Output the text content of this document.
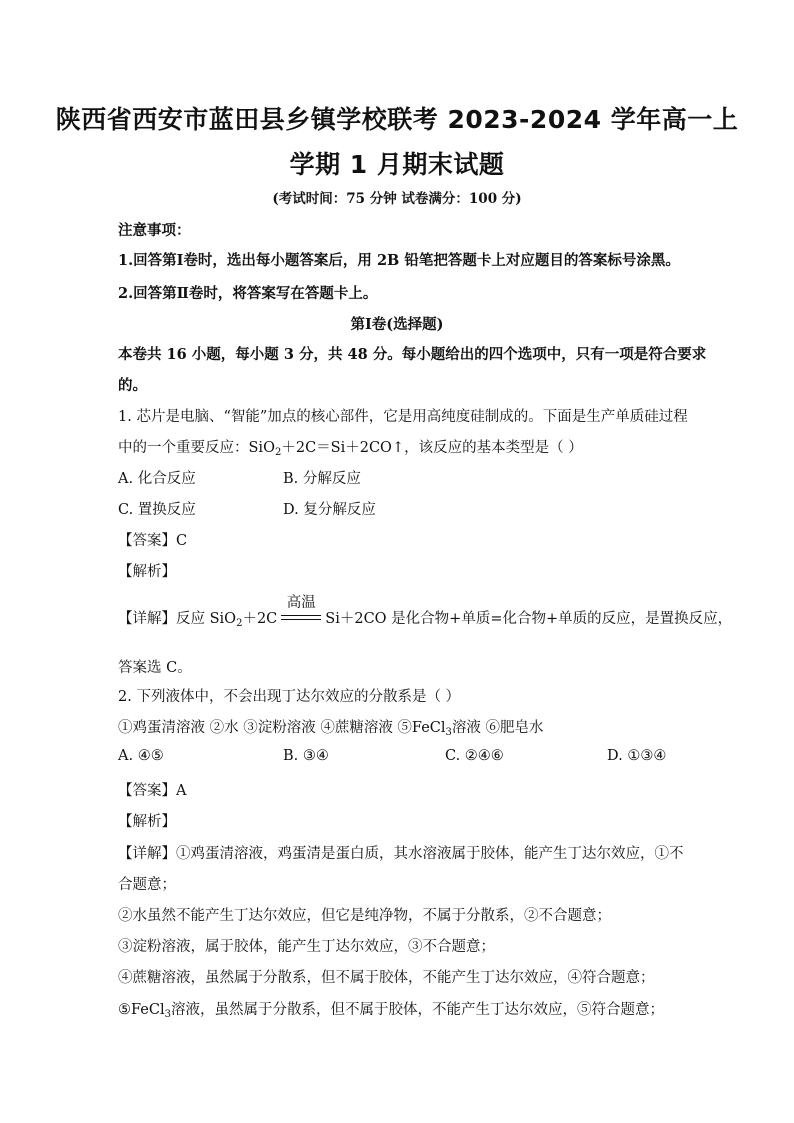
陕西省西安市蓝田县乡镇学校联考 2023-2024 学年高一上
学期 1 月期末试题
(考试时间：75 分钟 试卷满分：100 分)
注意事项：
1.回答第Ⅰ卷时，选出每小题答案后，用 2B 铅笔把答题卡上对应题目的答案标号涂黑。
2.回答第Ⅱ卷时，将答案写在答题卡上。
第Ⅰ卷(选择题)
本卷共 16 小题，每小题 3 分，共 48 分。每小题给出的四个选项中，只有一项是符合要求
的。
1. 芯片是电脑、“智能”加点的核心部件，它是用高纯度硅制成的。下面是生产单质硅过程
中的一个重要反应：SiO$_2$＋2C＝Si＋2CO↑，该反应的基本类型是（ ）
A. 化合反应	B. 分解反应
C. 置换反应	D. 复分解反应
【答案】C
【解析】
【详解】反应 SiO$_2$＋2C
高温
Si＋2CO 是化合物+单质=化合物+单质的反应，是置换反应，
答案选 C。
2. 下列液体中，不会出现丁达尔效应的分散系是（ ）
①鸡蛋清溶液 ②水 ③淀粉溶液 ④蔗糖溶液 ⑤FeCl$_3$溶液 ⑥肥皂水
A. ④⑤	B. ③④	C. ②④⑥	D. ①③④
【答案】A
【解析】
【详解】①鸡蛋清溶液，鸡蛋清是蛋白质，其水溶液属于胶体，能产生丁达尔效应，①不
合题意；
②水虽然不能产生丁达尔效应，但它是纯净物，不属于分散系，②不合题意；
③淀粉溶液，属于胶体，能产生丁达尔效应，③不合题意；
④蔗糖溶液，虽然属于分散系，但不属于胶体，不能产生丁达尔效应，④符合题意；
⑤FeCl$_3$溶液，虽然属于分散系，但不属于胶体，不能产生丁达尔效应，⑤符合题意；
